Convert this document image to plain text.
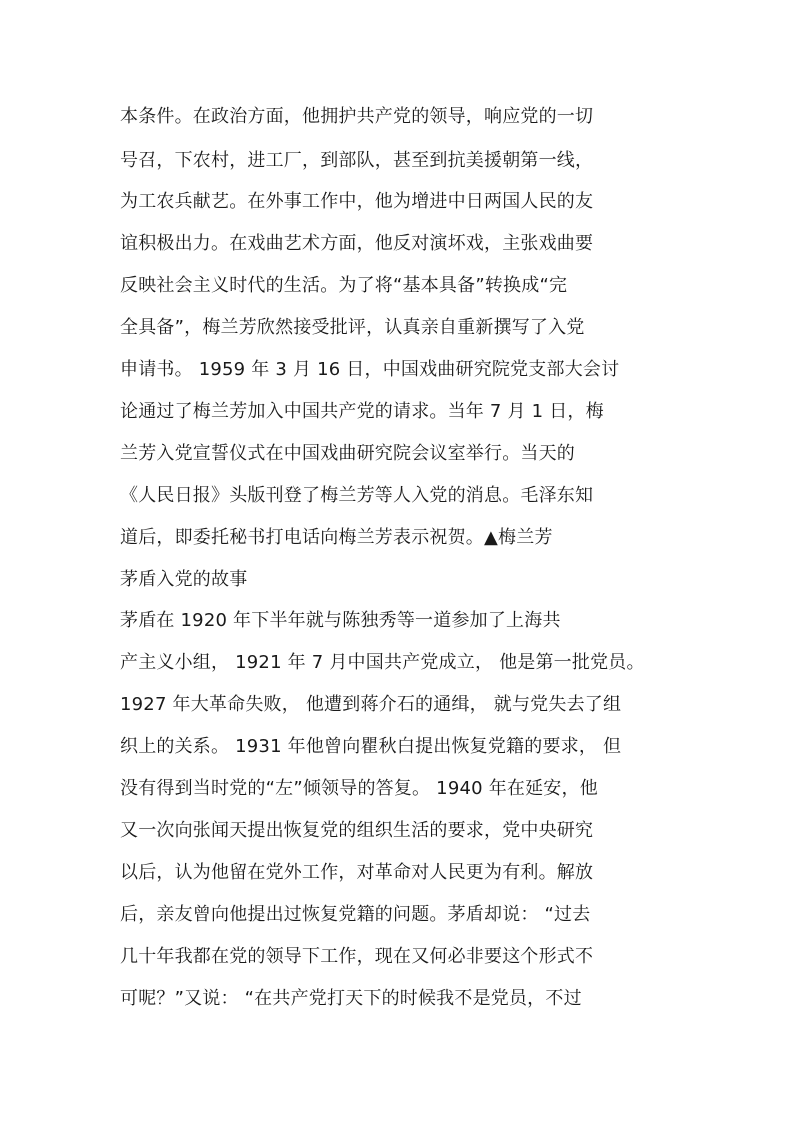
本条件。在政治方面，他拥护共产党的领导，响应党的一切
号召，下农村，进工厂，到部队，甚至到抗美援朝第一线，
为工农兵献艺。在外事工作中，他为增进中日两国人民的友
谊积极出力。在戏曲艺术方面，他反对演坏戏，主张戏曲要
反映社会主义时代的生活。为了将“基本具备”转换成“完
全具备”，梅兰芳欣然接受批评，认真亲自重新撰写了入党
申请书。 1959 年 3 月 16 日，中国戏曲研究院党支部大会讨
论通过了梅兰芳加入中国共产党的请求。当年 7 月 1 日，梅
兰芳入党宣誓仪式在中国戏曲研究院会议室举行。当天的
《人民日报》头版刊登了梅兰芳等人入党的消息。毛泽东知
道后，即委托秘书打电话向梅兰芳表示祝贺。▲梅兰芳
茅盾入党的故事
茅盾在 1920 年下半年就与陈独秀等一道参加了上海共
产主义小组， 1921 年 7 月中国共产党成立， 他是第一批党员。
1927 年大革命失败， 他遭到蒋介石的通缉， 就与党失去了组
织上的关系。 1931 年他曾向瞿秋白提出恢复党籍的要求， 但
没有得到当时党的“左”倾领导的答复。 1940 年在延安，他
又一次向张闻天提出恢复党的组织生活的要求，党中央研究
以后，认为他留在党外工作，对革命对人民更为有利。解放
后，亲友曾向他提出过恢复党籍的问题。茅盾却说： “过去
几十年我都在党的领导下工作，现在又何必非要这个形式不
可呢？”又说： “在共产党打天下的时候我不是党员，不过
